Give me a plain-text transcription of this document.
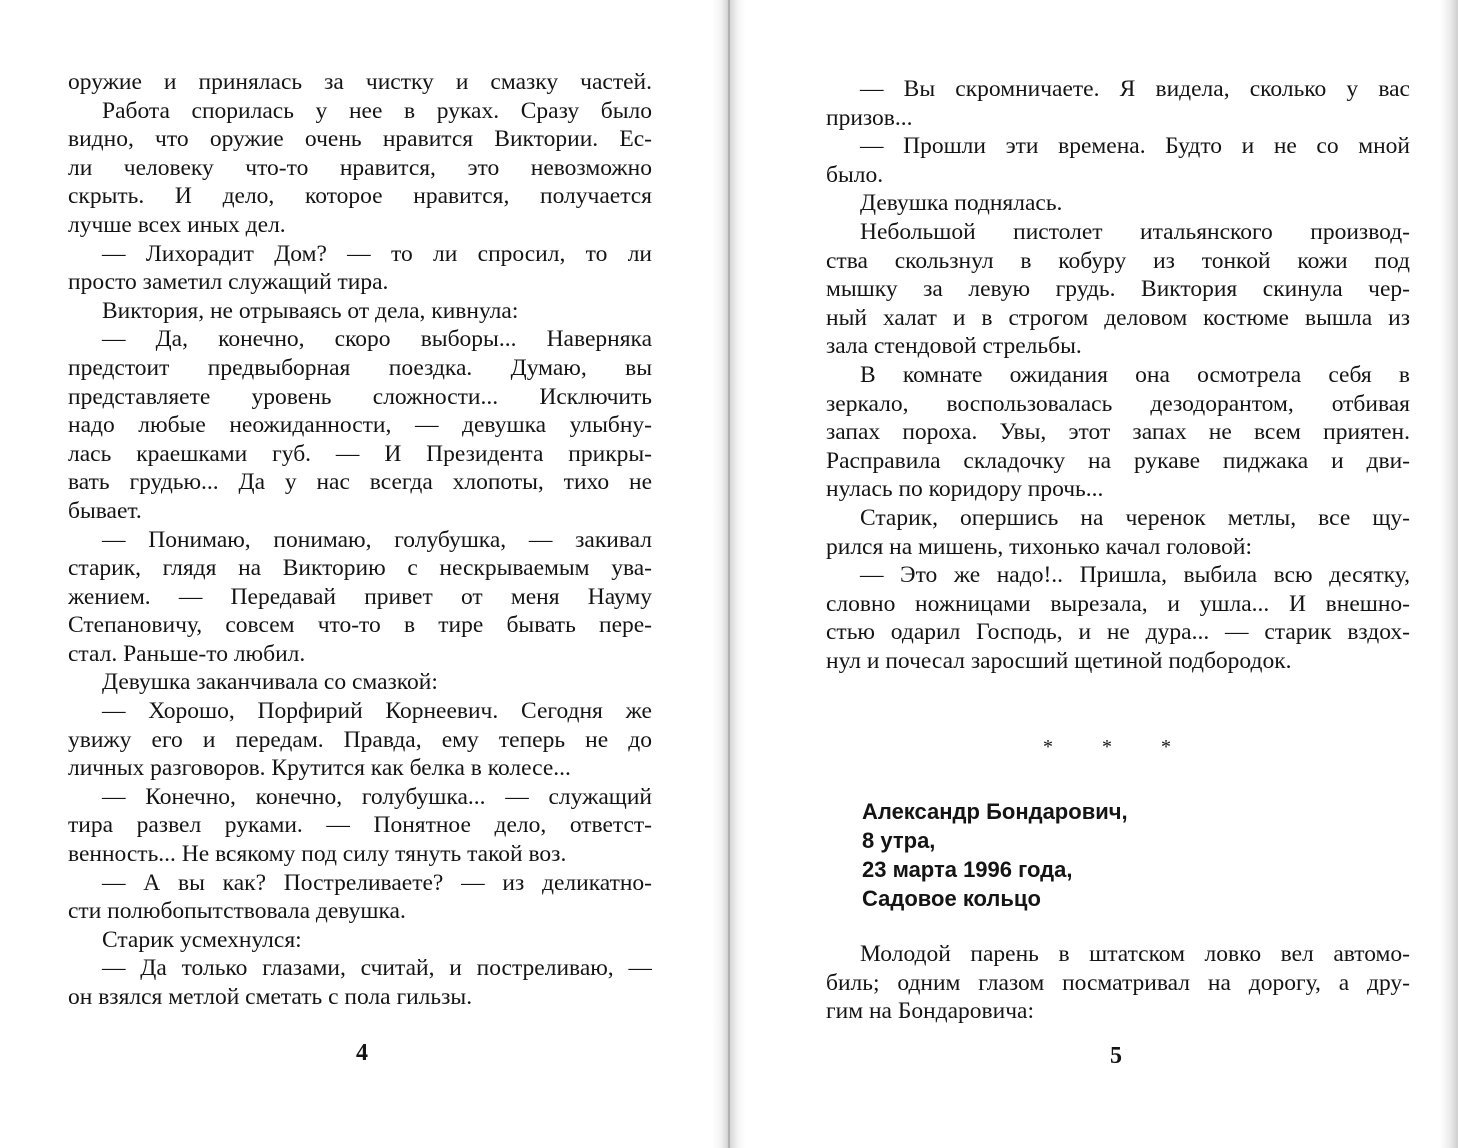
оружие и принялась за чистку и смазку частей.
Работа спорилась у нее в руках. Сразу было
видно, что оружие очень нравится Виктории. Ес-
ли человеку что-то нравится, это невозможно
скрыть. И дело, которое нравится, получается
лучше всех иных дел.
— Лихорадит Дом? — то ли спросил, то ли
просто заметил служащий тира.
Виктория, не отрываясь от дела, кивнула:
— Да, конечно, скоро выборы... Наверняка
предстоит предвыборная поездка. Думаю, вы
представляете уровень сложности... Исключить
надо любые неожиданности, — девушка улыбну-
лась краешками губ. — И Президента прикры-
вать грудью... Да у нас всегда хлопоты, тихо не
бывает.
— Понимаю, понимаю, голубушка, — закивал
старик, глядя на Викторию с нескрываемым ува-
жением. — Передавай привет от меня Науму
Степановичу, совсем что-то в тире бывать пере-
стал. Раньше-то любил.
Девушка заканчивала со смазкой:
— Хорошо, Порфирий Корнеевич. Сегодня же
увижу его и передам. Правда, ему теперь не до
личных разговоров. Крутится как белка в колесе...
— Конечно, конечно, голубушка... — служащий
тира развел руками. — Понятное дело, ответст-
венность... Не всякому под силу тянуть такой воз.
— А вы как? Постреливаете? — из деликатно-
сти полюбопытствовала девушка.
Старик усмехнулся:
— Да только глазами, считай, и постреливаю, —
он взялся метлой сметать с пола гильзы.
4
— Вы скромничаете. Я видела, сколько у вас
призов...
— Прошли эти времена. Будто и не со мной
было.
Девушка поднялась.
Небольшой пистолет итальянского производ-
ства скользнул в кобуру из тонкой кожи под
мышку за левую грудь. Виктория скинула чер-
ный халат и в строгом деловом костюме вышла из
зала стендовой стрельбы.
В комнате ожидания она осмотрела себя в
зеркало, воспользовалась дезодорантом, отбивая
запах пороха. Увы, этот запах не всем приятен.
Расправила складочку на рукаве пиджака и дви-
нулась по коридору прочь...
Старик, опершись на черенок метлы, все щу-
рился на мишень, тихонько качал головой:
— Это же надо!.. Пришла, выбила всю десятку,
словно ножницами вырезала, и ушла... И внешно-
стью одарил Господь, и не дура... — старик вздох-
нул и почесал заросший щетиной подбородок.
* * *
Александр Бондарович,
8 утра,
23 марта 1996 года,
Садовое кольцо
Молодой парень в штатском ловко вел автомо-
биль; одним глазом посматривал на дорогу, а дру-
гим на Бондаровича:
5
